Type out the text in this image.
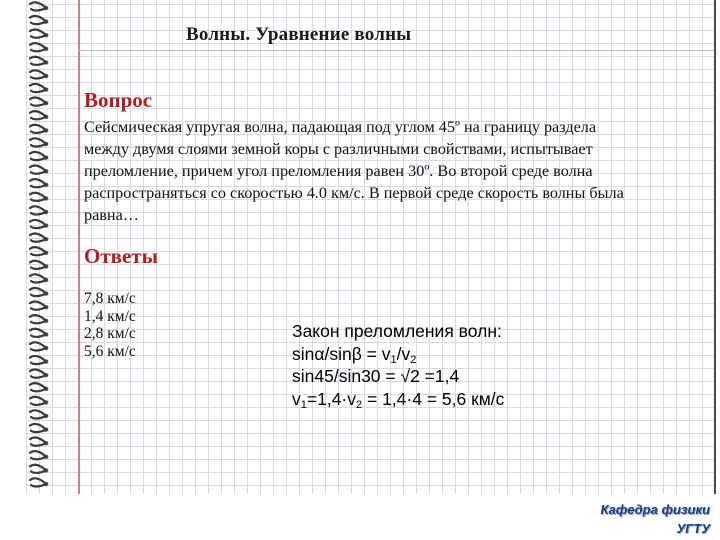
Волны. Уравнение волны
Вопрос
Сейсмическая упругая волна, падающая под углом 45º на границу раздела
между двумя слоями земной коры с различными свойствами, испытывает
преломление, причем угол преломления равен 30º. Во второй среде волна
распространяться со скоростью 4.0 км/с. В первой среде скорость волны была
равна…
Ответы
7,8 км/с
1,4 км/с
2,8 км/с
5,6 км/с
Закон преломления волн:
$\sin\alpha/\sin\beta = v_1/v_2$
sin45/sin30 = √2 =1,4
$v_1=1,4\cdot v_2 = 1,4\cdot 4 = 5,6$ км/с
Кафедра физики
УГТУ
